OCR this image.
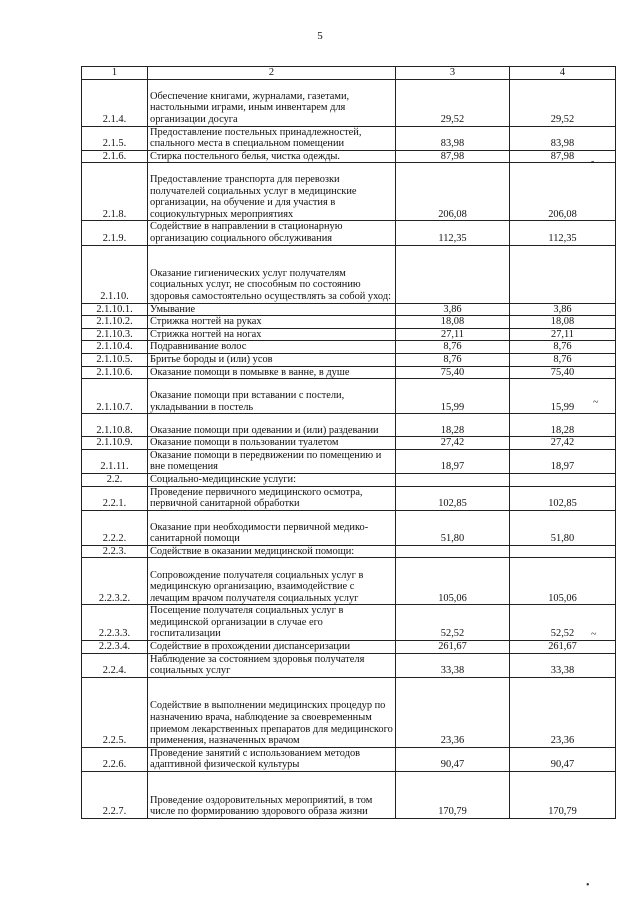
5
1	2	3	4
2.1.4.	Обеспечение книгами, журналами, газетами, настольными играми, иным инвентарем для организации досуга	29,52	29,52
2.1.5.	Предоставление постельных принадлежностей, спального места в специальном помещении	83,98	83,98
2.1.6.	Стирка постельного белья, чистка одежды.	87,98	87,98
2.1.8.	Предоставление транспорта для перевозки получателей социальных услуг в медицинские организации, на обучение и для участия в социокультурных мероприятиях	206,08	206,08
2.1.9.	Содействие в направлении в стационарную организацию социального обслуживания	112,35	112,35
2.1.10.	Оказание гигиенических услуг получателям социальных услуг, не способным по состоянию здоровья самостоятельно осуществлять за собой уход:		
2.1.10.1.	Умывание	3,86	3,86
2.1.10.2.	Стрижка ногтей на руках	18,08	18,08
2.1.10.3.	Стрижка ногтей на ногах	27,11	27,11
2.1.10.4.	Подравнивание волос	8,76	8,76
2.1.10.5.	Бритье бороды и (или) усов	8,76	8,76
2.1.10.6.	Оказание помощи в помывке в ванне, в душе	75,40	75,40
2.1.10.7.	Оказание помощи при вставании с постели, укладывании в постель	15,99	15,99
2.1.10.8.	Оказание помощи при одевании и (или) раздевании	18,28	18,28
2.1.10.9.	Оказание помощи в пользовании туалетом	27,42	27,42
2.1.11.	Оказание помощи в передвижении по помещению и вне помещения	18,97	18,97
2.2.	Социально-медицинские услуги:		
2.2.1.	Проведение первичного медицинского осмотра, первичной санитарной обработки	102,85	102,85
2.2.2.	Оказание при необходимости первичной медико-санитарной помощи	51,80	51,80
2.2.3.	Содействие в оказании медицинской помощи:		
2.2.3.2.	Сопровождение получателя социальных услуг в медицинскую организацию, взаимодействие с лечащим врачом получателя социальных услуг	105,06	105,06
2.2.3.3.	Посещение получателя социальных услуг в медицинской организации в случае его госпитализации	52,52	52,52
2.2.3.4.	Содействие в прохождении диспансеризации	261,67	261,67
2.2.4.	Наблюдение за состоянием здоровья получателя социальных услуг	33,38	33,38
2.2.5.	Содействие в выполнении медицинских процедур по назначению врача, наблюдение за своевременным приемом лекарственных препаратов для медицинского применения, назначенных врачом	23,36	23,36
2.2.6.	Проведение занятий с использованием методов адаптивной физической культуры	90,47	90,47
2.2.7.	Проведение оздоровительных мероприятий, в том числе по формированию здорового образа жизни	170,79	170,79
-
~
~
•
